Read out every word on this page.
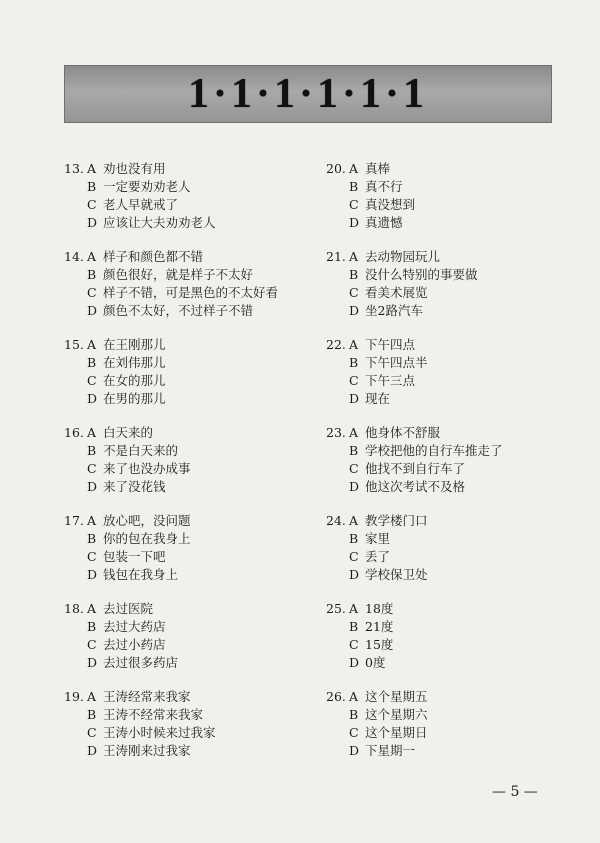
1·1·1·1·1·1
13. A 劝也没有用
B 一定要劝劝老人
C 老人早就戒了
D 应该让大夫劝劝老人
14. A 样子和颜色都不错
B 颜色很好，就是样子不太好
C 样子不错，可是黑色的不太好看
D 颜色不太好，不过样子不错
15. A 在王刚那儿
B 在刘伟那儿
C 在女的那儿
D 在男的那儿
16. A 白天来的
B 不是白天来的
C 来了也没办成事
D 来了没花钱
17. A 放心吧，没问题
B 你的包在我身上
C 包装一下吧
D 钱包在我身上
18. A 去过医院
B 去过大药店
C 去过小药店
D 去过很多药店
19. A 王涛经常来我家
B 王涛不经常来我家
C 王涛小时候来过我家
D 王涛刚来过我家
20. A 真棒
B 真不行
C 真没想到
D 真遗憾
21. A 去动物园玩儿
B 没什么特别的事要做
C 看美术展览
D 坐2路汽车
22. A 下午四点
B 下午四点半
C 下午三点
D 现在
23. A 他身体不舒服
B 学校把他的自行车推走了
C 他找不到自行车了
D 他这次考试不及格
24. A 教学楼门口
B 家里
C 丢了
D 学校保卫处
25. A 18度
B 21度
C 15度
D 0度
26. A 这个星期五
B 这个星期六
C 这个星期日
D 下星期一
— 5 —
